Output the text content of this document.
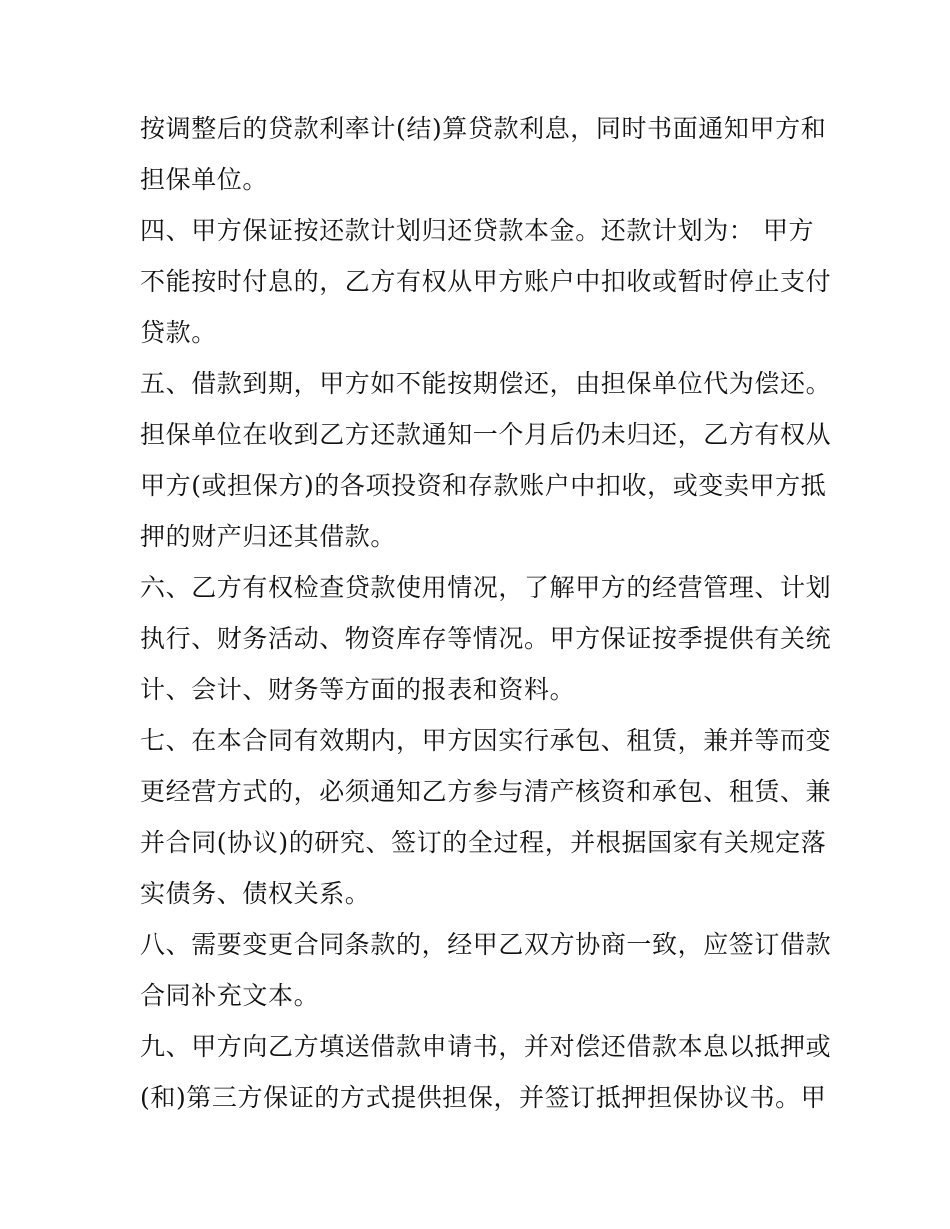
按调整后的贷款利率计(结)算贷款利息，同时书面通知甲方和
担保单位。
四、甲方保证按还款计划归还贷款本金。还款计划为： 甲方
不能按时付息的，乙方有权从甲方账户中扣收或暂时停止支付
贷款。
五、借款到期，甲方如不能按期偿还，由担保单位代为偿还。
担保单位在收到乙方还款通知一个月后仍未归还，乙方有权从
甲方(或担保方)的各项投资和存款账户中扣收，或变卖甲方抵
押的财产归还其借款。
六、乙方有权检查贷款使用情况，了解甲方的经营管理、计划
执行、财务活动、物资库存等情况。甲方保证按季提供有关统
计、会计、财务等方面的报表和资料。
七、在本合同有效期内，甲方因实行承包、租赁，兼并等而变
更经营方式的，必须通知乙方参与清产核资和承包、租赁、兼
并合同(协议)的研究、签订的全过程，并根据国家有关规定落
实债务、债权关系。
八、需要变更合同条款的，经甲乙双方协商一致，应签订借款
合同补充文本。
九、甲方向乙方填送借款申请书，并对偿还借款本息以抵押或
(和)第三方保证的方式提供担保，并签订抵押担保协议书。甲
